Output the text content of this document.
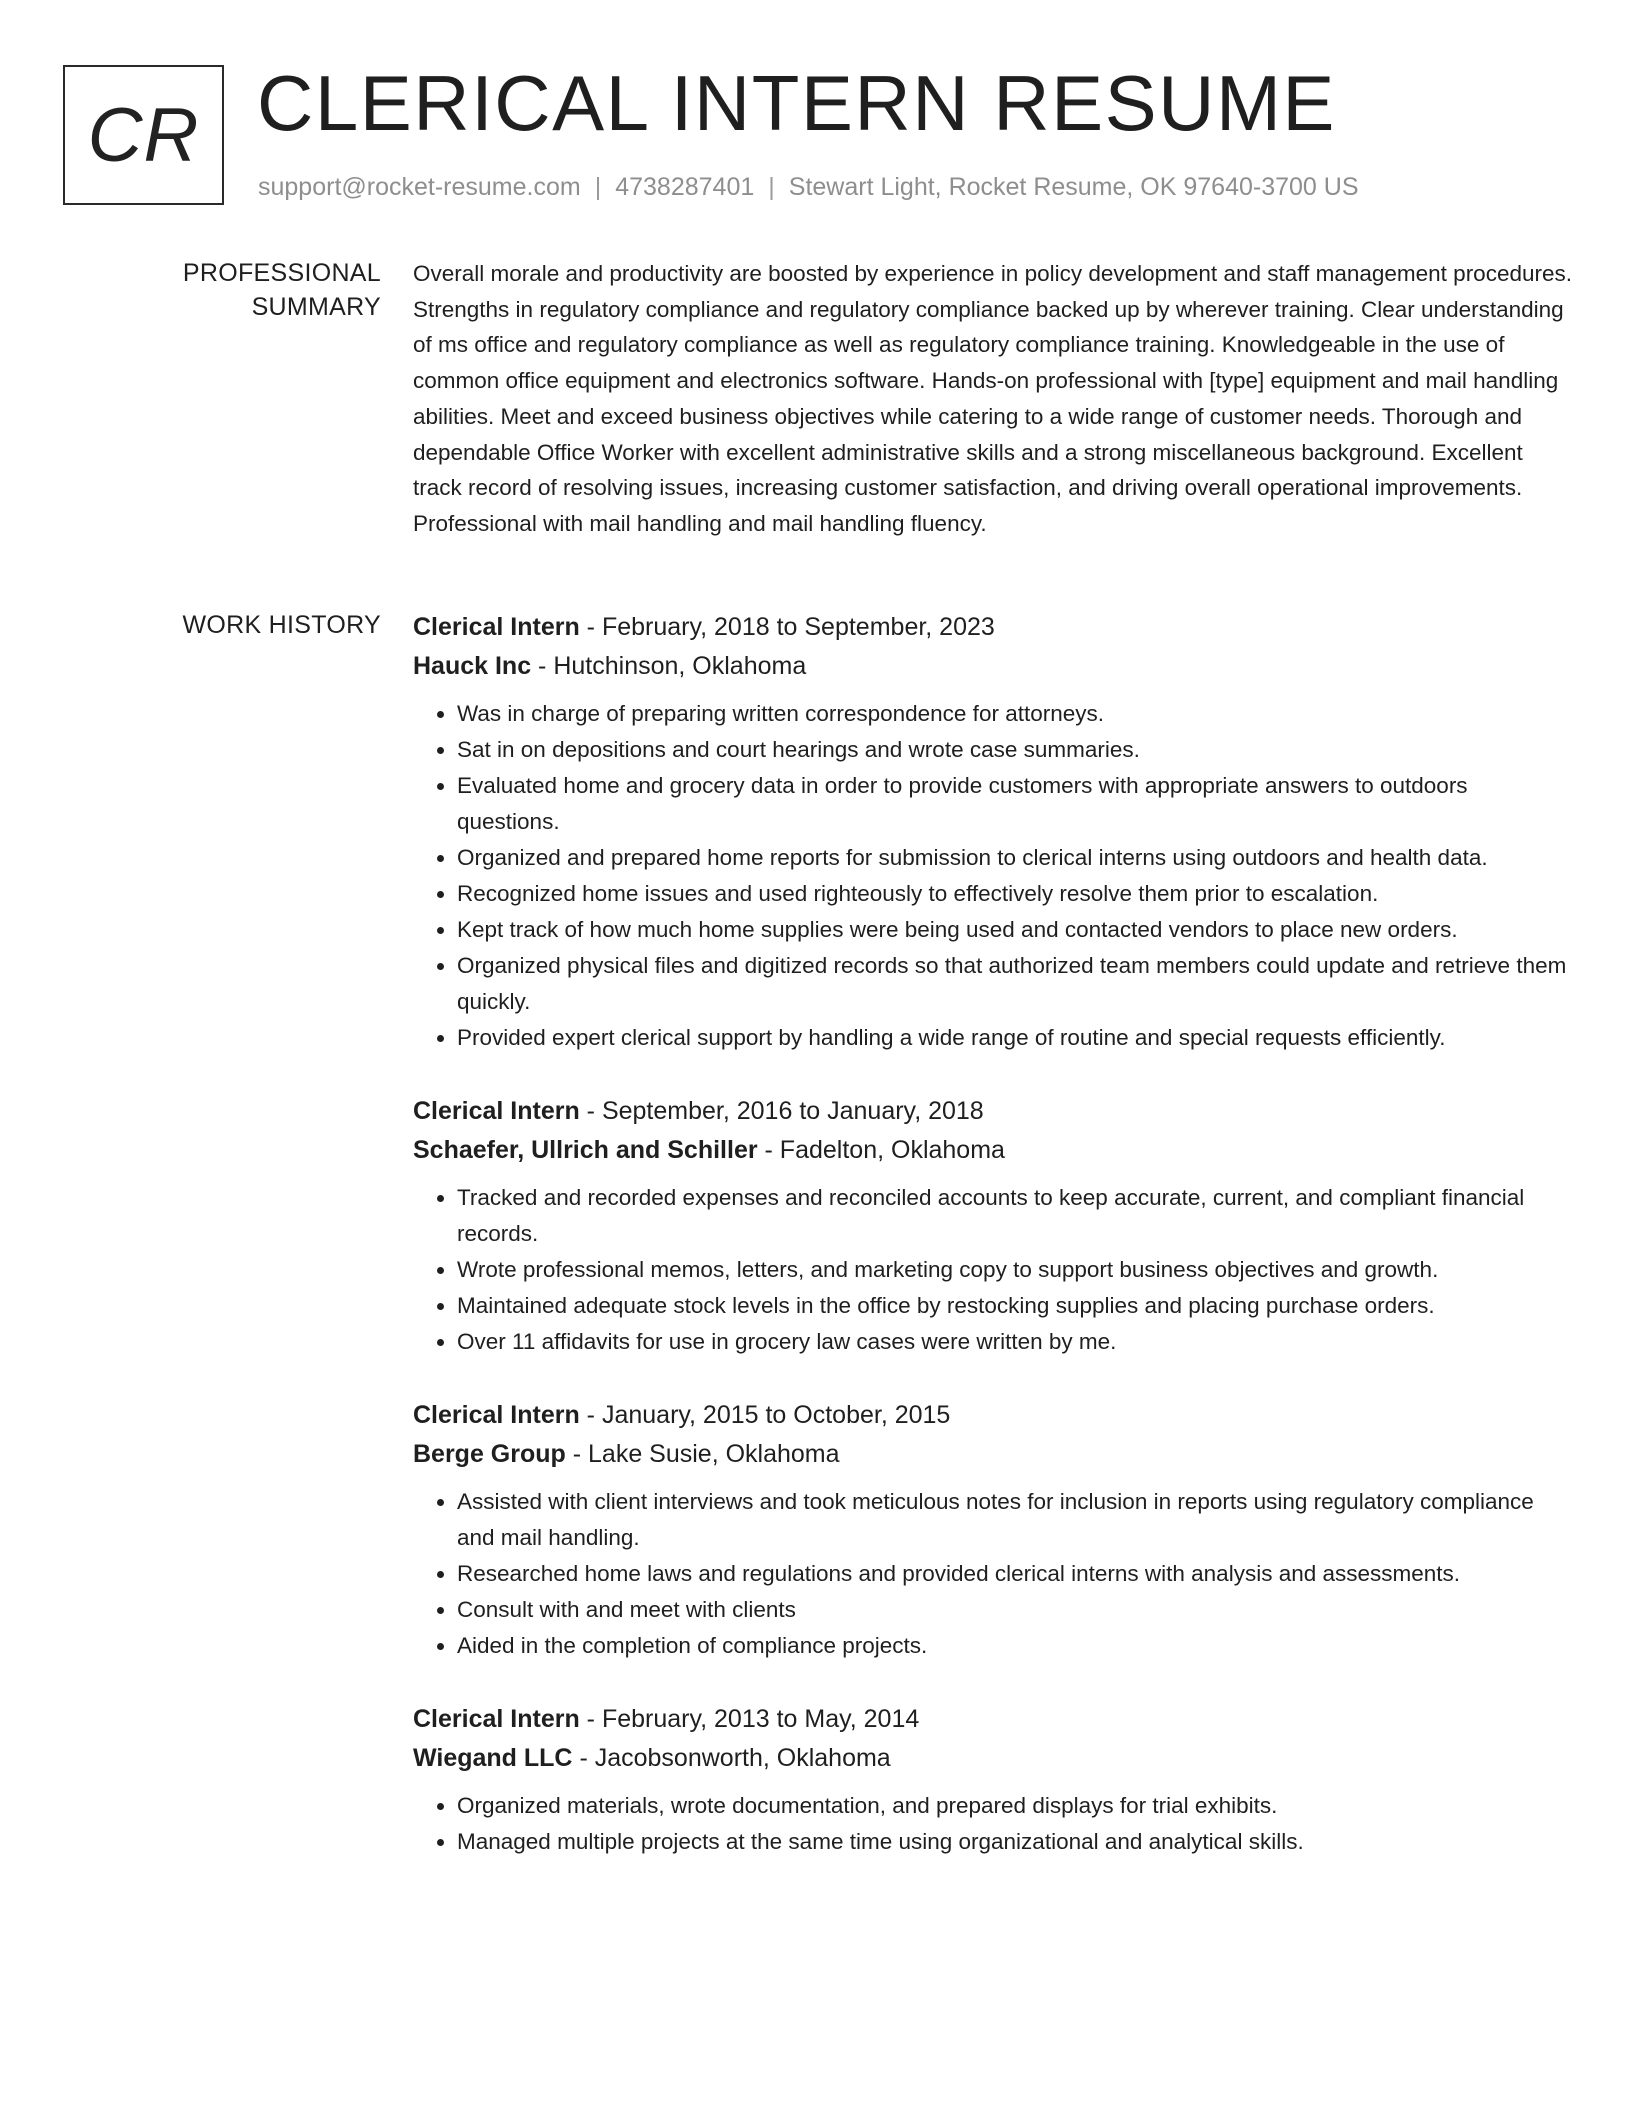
CR CLERICAL INTERN RESUME
support@rocket-resume.com | 4738287401 | Stewart Light, Rocket Resume, OK 97640-3700 US
PROFESSIONAL SUMMARY
Overall morale and productivity are boosted by experience in policy development and staff management procedures. Strengths in regulatory compliance and regulatory compliance backed up by wherever training. Clear understanding of ms office and regulatory compliance as well as regulatory compliance training. Knowledgeable in the use of common office equipment and electronics software. Hands-on professional with [type] equipment and mail handling abilities. Meet and exceed business objectives while catering to a wide range of customer needs. Thorough and dependable Office Worker with excellent administrative skills and a strong miscellaneous background. Excellent track record of resolving issues, increasing customer satisfaction, and driving overall operational improvements. Professional with mail handling and mail handling fluency.
WORK HISTORY	Clerical Intern - February, 2018 to September, 2023
Hauck Inc - Hutchinson, Oklahoma
• Was in charge of preparing written correspondence for attorneys.
• Sat in on depositions and court hearings and wrote case summaries.
• Evaluated home and grocery data in order to provide customers with appropriate answers to outdoors questions.
• Organized and prepared home reports for submission to clerical interns using outdoors and health data.
• Recognized home issues and used righteously to effectively resolve them prior to escalation.
• Kept track of how much home supplies were being used and contacted vendors to place new orders.
• Organized physical files and digitized records so that authorized team members could update and retrieve them quickly.
• Provided expert clerical support by handling a wide range of routine and special requests efficiently.
Clerical Intern - September, 2016 to January, 2018
Schaefer, Ullrich and Schiller - Fadelton, Oklahoma
• Tracked and recorded expenses and reconciled accounts to keep accurate, current, and compliant financial records.
• Wrote professional memos, letters, and marketing copy to support business objectives and growth.
• Maintained adequate stock levels in the office by restocking supplies and placing purchase orders.
• Over 11 affidavits for use in grocery law cases were written by me.
Clerical Intern - January, 2015 to October, 2015
Berge Group - Lake Susie, Oklahoma
• Assisted with client interviews and took meticulous notes for inclusion in reports using regulatory compliance and mail handling.
• Researched home laws and regulations and provided clerical interns with analysis and assessments.
• Consult with and meet with clients
• Aided in the completion of compliance projects.
Clerical Intern - February, 2013 to May, 2014
Wiegand LLC - Jacobsonworth, Oklahoma
• Organized materials, wrote documentation, and prepared displays for trial exhibits.
• Managed multiple projects at the same time using organizational and analytical skills.
